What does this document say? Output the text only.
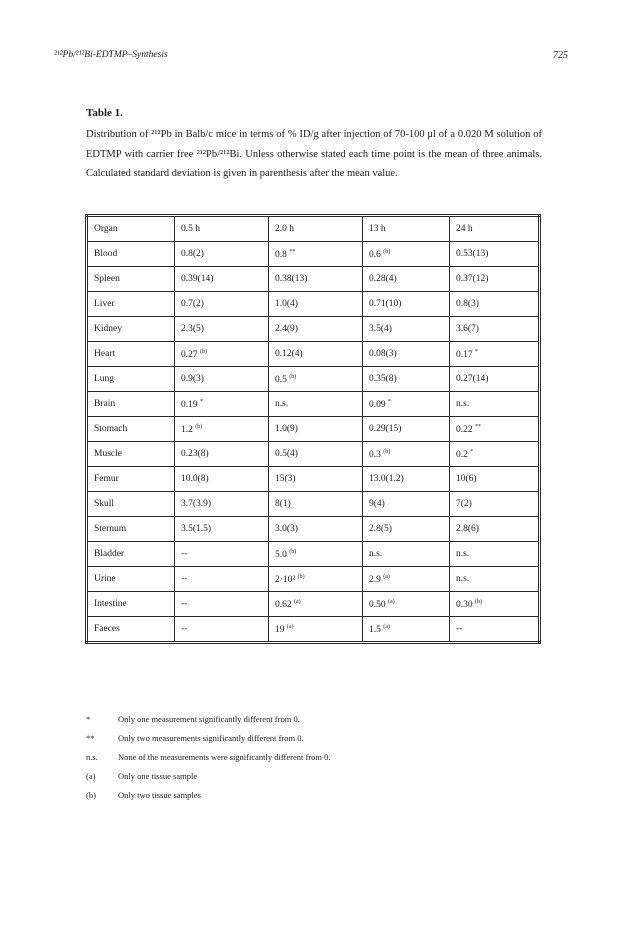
²¹²Pb/²¹²Bi-EDTMP–Synthesis	725
Table 1.
Distribution of ²¹²Pb in Balb/c mice in terms of % ID/g after injection of 70-100 μl of a 0.020 M solution of EDTMP with carrier free ²¹²Pb/²¹²Bi. Unless otherwise stated each time point is the mean of three animals. Calculated standard deviation is given in parenthesis after the mean value.
Organ	0.5 h	2.0 h	13 h	24 h
Blood	0.8(2)	0.8 **	0.6 $^{(b)}$	0.53(13)
Spleen	0.39(14)	0.38(13)	0.28(4)	0.37(12)
Liver	0.7(2)	1.0(4)	0.71(10)	0.8(3)
Kidney	2.3(5)	2.4(9)	3.5(4)	3.6(7)
Heart	0.27 $^{(b)}$	0.12(4)	0.08(3)	0.17 *
Lung	0.9(3)	0.5 $^{(b)}$	0.35(8)	0.27(14)
Brain	0.19 *	n.s.	0.09 *	n.s.
Stomach	1.2 $^{(b)}$	1.0(9)	0.29(15)	0.22 **
Muscle	0.23(8)	0.5(4)	0.3 $^{(b)}$	0.2 *
Femur	10.0(8)	15(3)	13.0(1.2)	10(6)
Skull	3.7(3.9)	8(1)	9(4)	7(2)
Sternum	3.5(1.5)	3.0(3)	2.8(5)	2.8(6)
Bladder	--	5.0 $^{(b)}$	n.s.	n.s.
Urine	--	2·10² $^{(b)}$	2.9 $^{(a)}$	n.s.
Intestine	--	0.62 $^{(a)}$	0.50 $^{(a)}$	0.30 $^{(b)}$
Faeces	--	19 $^{(a)}$	1.5 $^{(a)}$	--
*	Only one measurement significantly different from 0.
**	Only two measurements significantly different from 0.
n.s.	None of the measurements were significantly different from 0.
(a)	Only one tissue sample
(b)	Only two tissue samples
